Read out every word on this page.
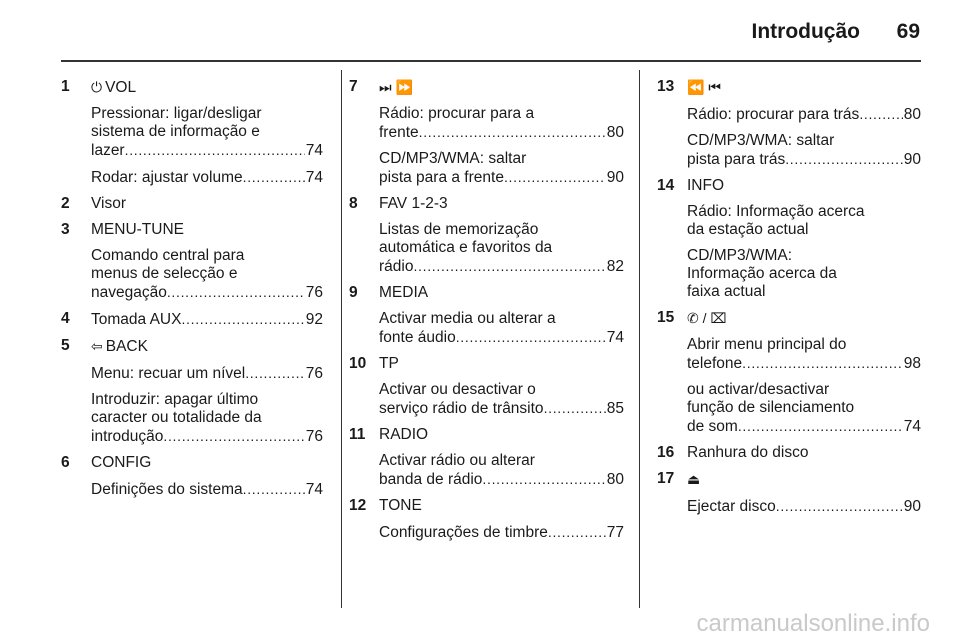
Introdução 69
1 ⏻ VOL
Pressionar: ligar/desligar
sistema de informação e
lazer . . .	74
Rodar: ajustar volume . . .	74
2 Visor
3 MENU-TUNE
Comando central para
menus de selecção e
navegação . . .	76
4 Tomada AUX . . .	92
5 ⇦ BACK
Menu: recuar um nível . . .	76
Introduzir: apagar último
caracter ou totalidade da
introdução . . .	76
6 CONFIG
Definições do sistema . . .	74
7 ⏭ ⏩
Rádio: procurar para a
frente . . .	80
CD/MP3/WMA: saltar
pista para a frente . . .	90
8 FAV 1-2-3
Listas de memorização
automática e favoritos da
rádio . . .	82
9 MEDIA
Activar media ou alterar a
fonte áudio . . .	74
10 TP
Activar ou desactivar o
serviço rádio de trânsito . . .	85
11 RADIO
Activar rádio ou alterar
banda de rádio . . .	80
12 TONE
Configurações de timbre . . .	77
13 ⏪ ⏮
Rádio: procurar para trás . . .	80
CD/MP3/WMA: saltar
pista para trás . . .	90
14 INFO
Rádio: Informação acerca
da estação actual
CD/MP3/WMA:
Informação acerca da
faixa actual
15 ✆ / ⌧
Abrir menu principal do
telefone . . .	98
ou activar/desactivar
função de silenciamento
de som . . .	74
16 Ranhura do disco
17 ⏏
Ejectar disco . . .	90
carmanualsonline.info
